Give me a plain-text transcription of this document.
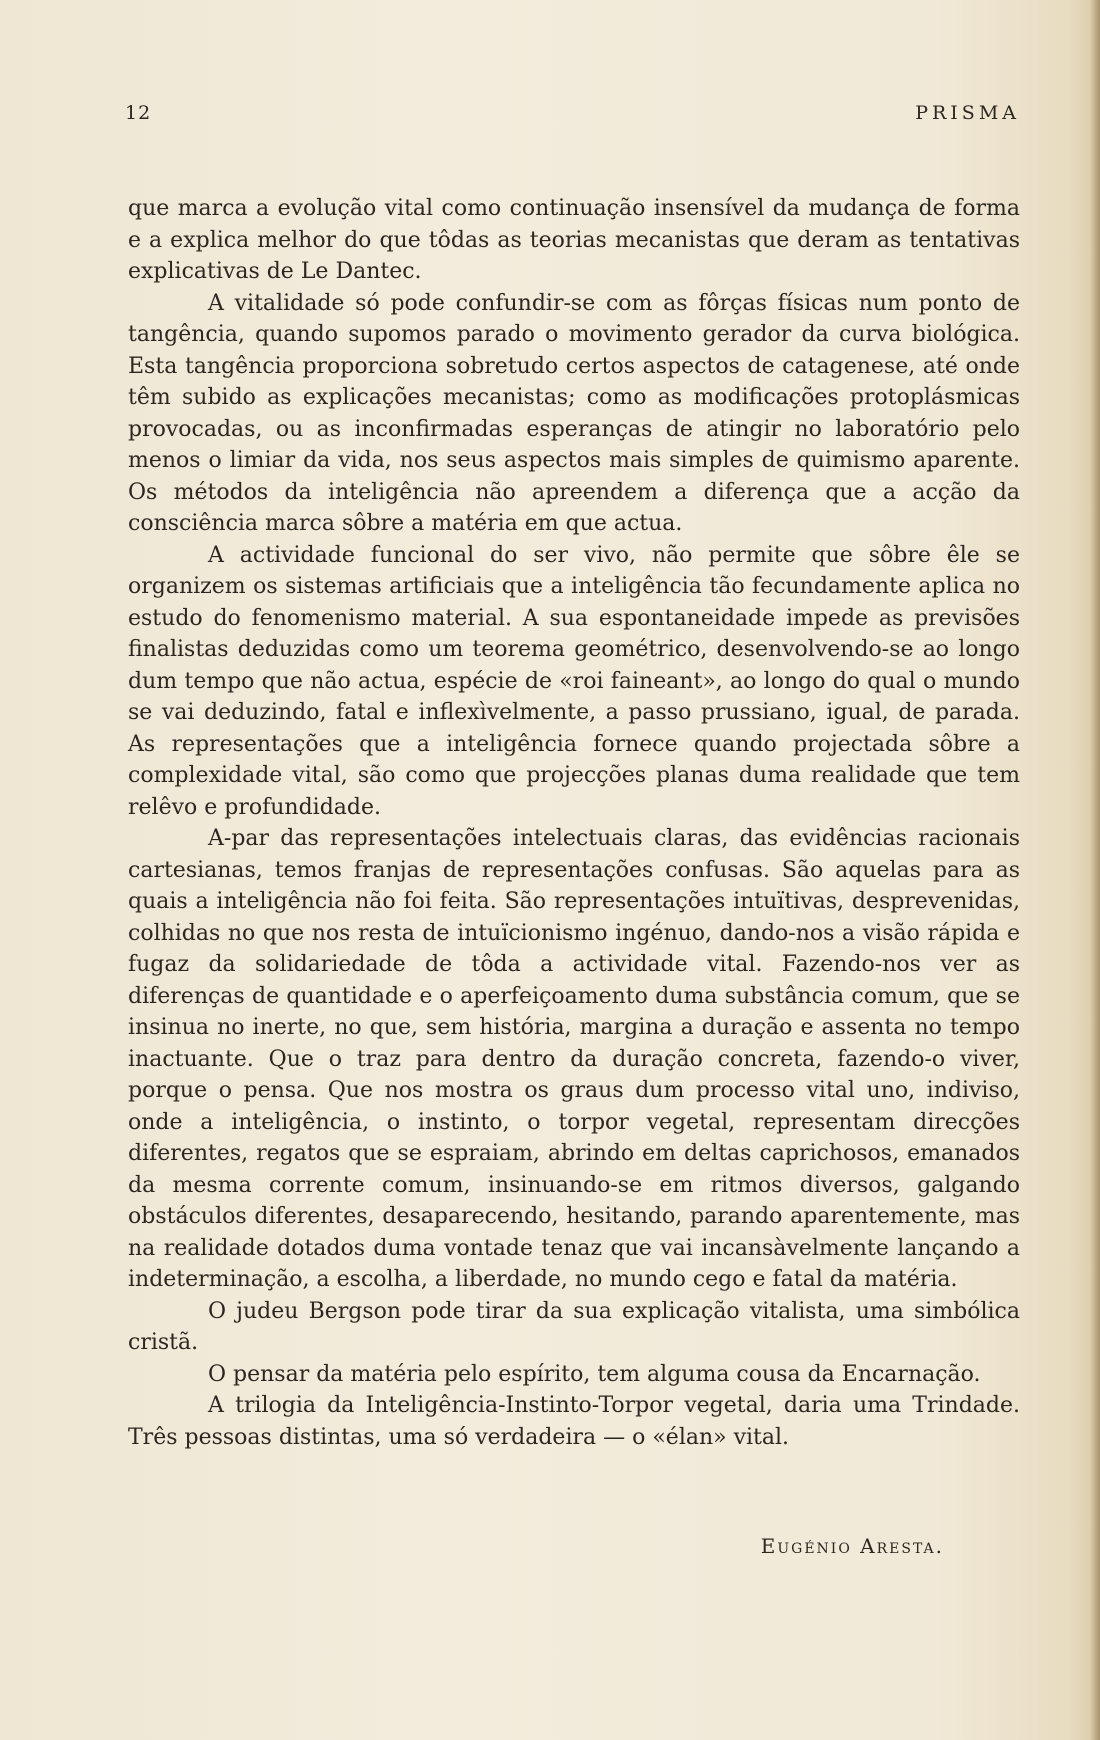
12	PRISMA

que marca a evolução vital como continuação insensível da mudança de forma e a explica melhor do que tôdas as teorias mecanistas que deram as tentativas explicativas de Le Dantec.

A vitalidade só pode confundir-se com as fôrças físicas num ponto de tangência, quando supomos parado o movimento gerador da curva biológica. Esta tangência proporciona sobretudo certos aspectos de catagenese, até onde têm subido as explicações mecanistas; como as modificações protoplásmicas provocadas, ou as inconfirmadas esperanças de atingir no laboratório pelo menos o limiar da vida, nos seus aspectos mais simples de quimismo aparente. Os métodos da inteligência não apreendem a diferença que a acção da consciência marca sôbre a matéria em que actua.

A actividade funcional do ser vivo, não permite que sôbre êle se organizem os sistemas artificiais que a inteligência tão fecundamente aplica no estudo do fenomenismo material. A sua espontaneidade impede as previsões finalistas deduzidas como um teorema geométrico, desenvolvendo-se ao longo dum tempo que não actua, espécie de «roi faineant», ao longo do qual o mundo se vai deduzindo, fatal e inflexìvelmente, a passo prussiano, igual, de parada. As representações que a inteligência fornece quando projectada sôbre a complexidade vital, são como que projecções planas duma realidade que tem relêvo e profundidade.

A-par das representações intelectuais claras, das evidências racionais cartesianas, temos franjas de representações confusas. São aquelas para as quais a inteligência não foi feita. São representações intuïtivas, desprevenidas, colhidas no que nos resta de intuïcionismo ingénuo, dando-nos a visão rápida e fugaz da solidariedade de tôda a actividade vital. Fazendo-nos ver as diferenças de quantidade e o aperfeiçoamento duma substância comum, que se insinua no inerte, no que, sem história, margina a duração e assenta no tempo inactuante. Que o traz para dentro da duração concreta, fazendo-o viver, porque o pensa. Que nos mostra os graus dum processo vital uno, indiviso, onde a inteligência, o instinto, o torpor vegetal, representam direcções diferentes, regatos que se espraiam, abrindo em deltas caprichosos, emanados da mesma corrente comum, insinuando-se em ritmos diversos, galgando obstáculos diferentes, desaparecendo, hesitando, parando aparentemente, mas na realidade dotados duma vontade tenaz que vai incansàvelmente lançando a indeterminação, a escolha, a liberdade, no mundo cego e fatal da matéria.

O judeu Bergson pode tirar da sua explicação vitalista, uma simbólica cristã.

O pensar da matéria pelo espírito, tem alguma cousa da Encarnação.

A trilogia da Inteligência-Instinto-Torpor vegetal, daria uma Trindade. Três pessoas distintas, uma só verdadeira — o «élan» vital.

Eugénio Aresta.
